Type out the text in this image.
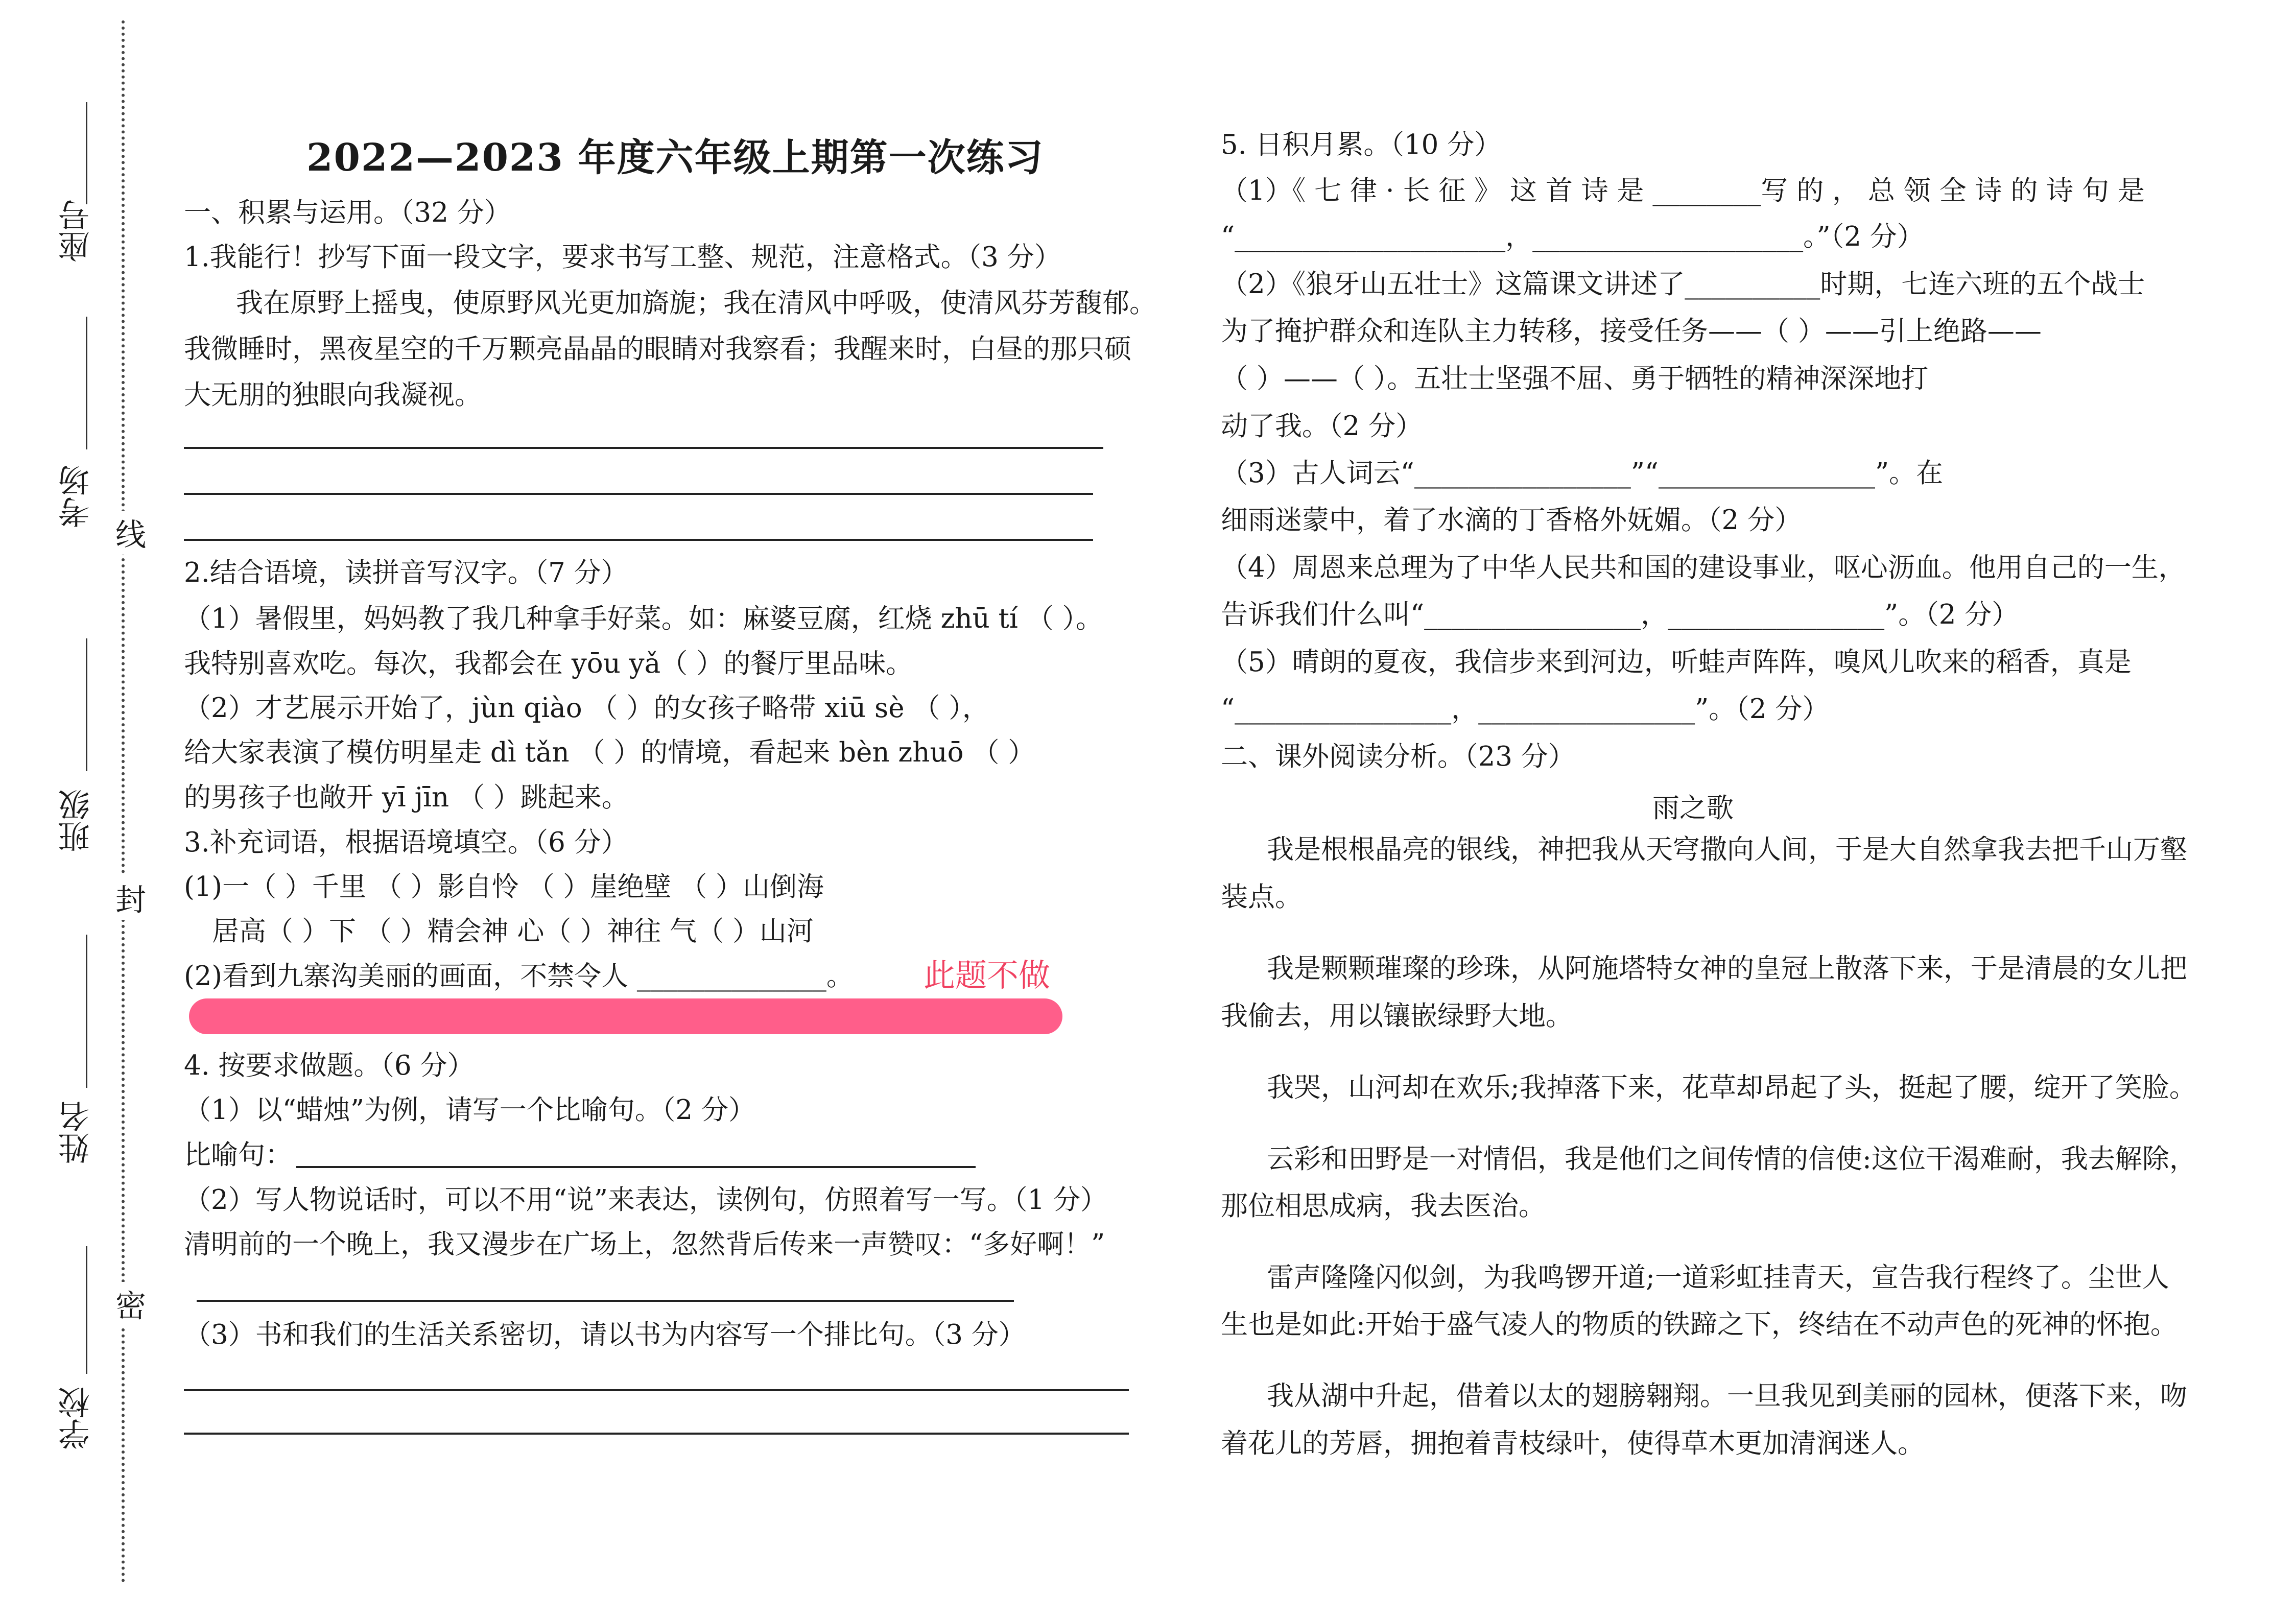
座号
考场
班级
姓名
学校
线
封
密
2022—2023 年度六年级上期第一次练习
一、积累与运用。（32 分）
1.我能行！抄写下面一段文字，要求书写工整、规范，注意格式。（3 分）
我在原野上摇曳，使原野风光更加旖旎；我在清风中呼吸，使清风芬芳馥郁。
我微睡时，黑夜星空的千万颗亮晶晶的眼睛对我察看；我醒来时，白昼的那只硕
大无朋的独眼向我凝视。
2.结合语境，读拼音写汉字。（7 分）
（1）暑假里，妈妈教了我几种拿手好菜。如：麻婆豆腐，红烧 zhū tí （ ）。
我特别喜欢吃。每次，我都会在 yōu yǎ（ ）的餐厅里品味。
（2）才艺展示开始了，jùn qiào （ ）的女孩子略带 xiū sè （ ），
给大家表演了模仿明星走 dì tǎn （ ）的情境，看起来 bèn zhuō （ ）
的男孩子也敞开 yī jīn （ ）跳起来。
3.补充词语，根据语境填空。（6 分）
(1)一（ ）千里 （ ）影自怜 （ ）崖绝壁 （ ）山倒海
居高（ ）下 （ ）精会神 心（ ）神往 气（ ）山河
(2)看到九寨沟美丽的画面，不禁令人 ______________。 此题不做
4. 按要求做题。（6 分）
（1）以“蜡烛”为例，请写一个比喻句。（2 分）
比喻句：
（2）写人物说话时，可以不用“说”来表达，读例句，仿照着写一写。（1 分）
清明前的一个晚上，我又漫步在广场上，忽然背后传来一声赞叹：“多好啊！”
（3）书和我们的生活关系密切，请以书为内容写一个排比句。（3 分）
5. 日积月累。（10 分）
（1）《 七 律 · 长 征 》 这 首 诗 是 ________写 的 ， 总 领 全 诗 的 诗 句 是
“____________________，____________________。”（2 分）
（2）《狼牙山五壮士》这篇课文讲述了__________时期，七连六班的五个战士
为了掩护群众和连队主力转移，接受任务——（ ）——引上绝路——
（ ）——（ ）。五壮士坚强不屈、勇于牺牲的精神深深地打
动了我。（2 分）
（3）古人词云“________________”“________________”。在
细雨迷蒙中，着了水滴的丁香格外妩媚。（2 分）
（4）周恩来总理为了中华人民共和国的建设事业，呕心沥血。他用自己的一生，
告诉我们什么叫“________________，________________”。（2 分）
（5）晴朗的夏夜，我信步来到河边，听蛙声阵阵，嗅风儿吹来的稻香，真是
“________________，________________”。（2 分）
二、课外阅读分析。（23 分）
雨之歌
我是根根晶亮的银线，神把我从天穹撒向人间，于是大自然拿我去把千山万壑
装点。
我是颗颗璀璨的珍珠，从阿施塔特女神的皇冠上散落下来，于是清晨的女儿把
我偷去，用以镶嵌绿野大地。
我哭，山河却在欢乐;我掉落下来，花草却昂起了头，挺起了腰，绽开了笑脸。
云彩和田野是一对情侣，我是他们之间传情的信使:这位干渴难耐，我去解除，
那位相思成病，我去医治。
雷声隆隆闪似剑，为我鸣锣开道;一道彩虹挂青天，宣告我行程终了。尘世人
生也是如此:开始于盛气凌人的物质的铁蹄之下，终结在不动声色的死神的怀抱。
我从湖中升起，借着以太的翅膀翱翔。一旦我见到美丽的园林，便落下来，吻
着花儿的芳唇，拥抱着青枝绿叶，使得草木更加清润迷人。
